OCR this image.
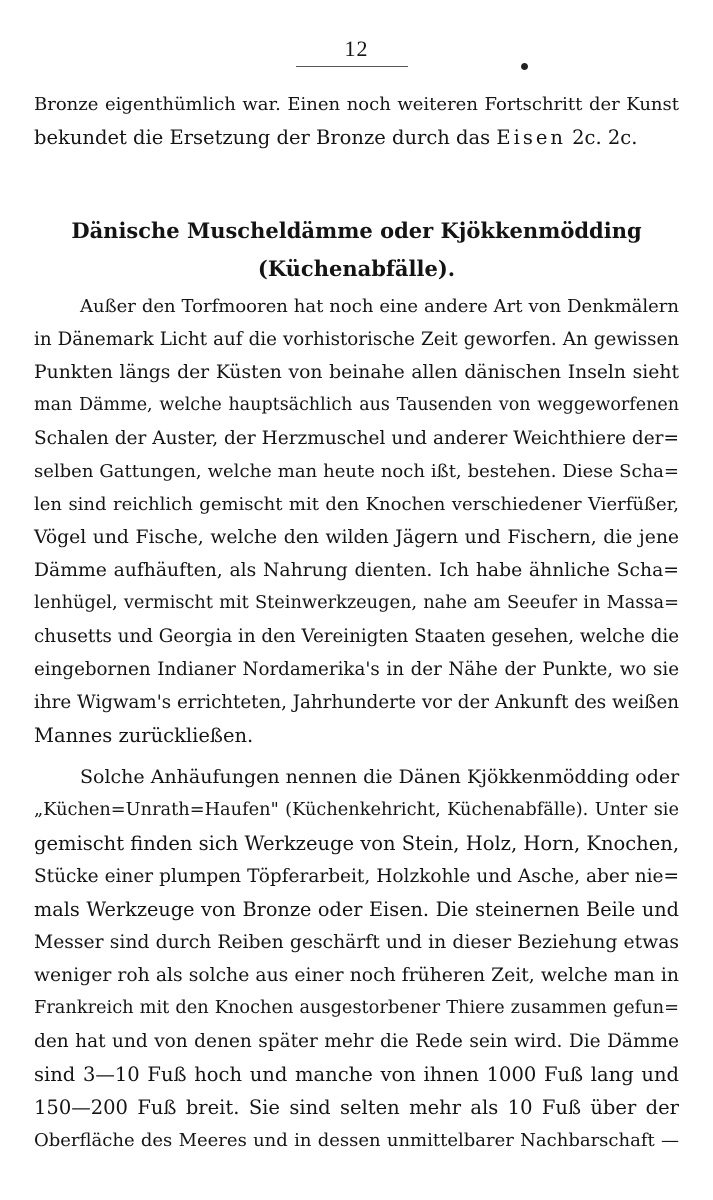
12
Bronze eigenthümlich war. Einen noch weiteren Fortschritt der Kunst
bekundet die Ersetzung der Bronze durch das Eisen 2c. 2c.
Dänische Muscheldämme oder Kjökkenmödding
(Küchenabfälle).
Außer den Torfmooren hat noch eine andere Art von Denkmälern
in Dänemark Licht auf die vorhistorische Zeit geworfen. An gewissen
Punkten längs der Küsten von beinahe allen dänischen Inseln sieht
man Dämme, welche hauptsächlich aus Tausenden von weggeworfenen
Schalen der Auster, der Herzmuschel und anderer Weichthiere der=
selben Gattungen, welche man heute noch ißt, bestehen. Diese Scha=
len sind reichlich gemischt mit den Knochen verschiedener Vierfüßer,
Vögel und Fische, welche den wilden Jägern und Fischern, die jene
Dämme aufhäuften, als Nahrung dienten. Ich habe ähnliche Scha=
lenhügel, vermischt mit Steinwerkzeugen, nahe am Seeufer in Massa=
chusetts und Georgia in den Vereinigten Staaten gesehen, welche die
eingebornen Indianer Nordamerika's in der Nähe der Punkte, wo sie
ihre Wigwam's errichteten, Jahrhunderte vor der Ankunft des weißen
Mannes zurückließen.
Solche Anhäufungen nennen die Dänen Kjökkenmödding oder
„Küchen=Unrath=Haufen" (Küchenkehricht, Küchenabfälle). Unter sie
gemischt finden sich Werkzeuge von Stein, Holz, Horn, Knochen,
Stücke einer plumpen Töpferarbeit, Holzkohle und Asche, aber nie=
mals Werkzeuge von Bronze oder Eisen. Die steinernen Beile und
Messer sind durch Reiben geschärft und in dieser Beziehung etwas
weniger roh als solche aus einer noch früheren Zeit, welche man in
Frankreich mit den Knochen ausgestorbener Thiere zusammen gefun=
den hat und von denen später mehr die Rede sein wird. Die Dämme
sind 3—10 Fuß hoch und manche von ihnen 1000 Fuß lang und
150—200 Fuß breit. Sie sind selten mehr als 10 Fuß über der
Oberfläche des Meeres und in dessen unmittelbarer Nachbarschaft —
